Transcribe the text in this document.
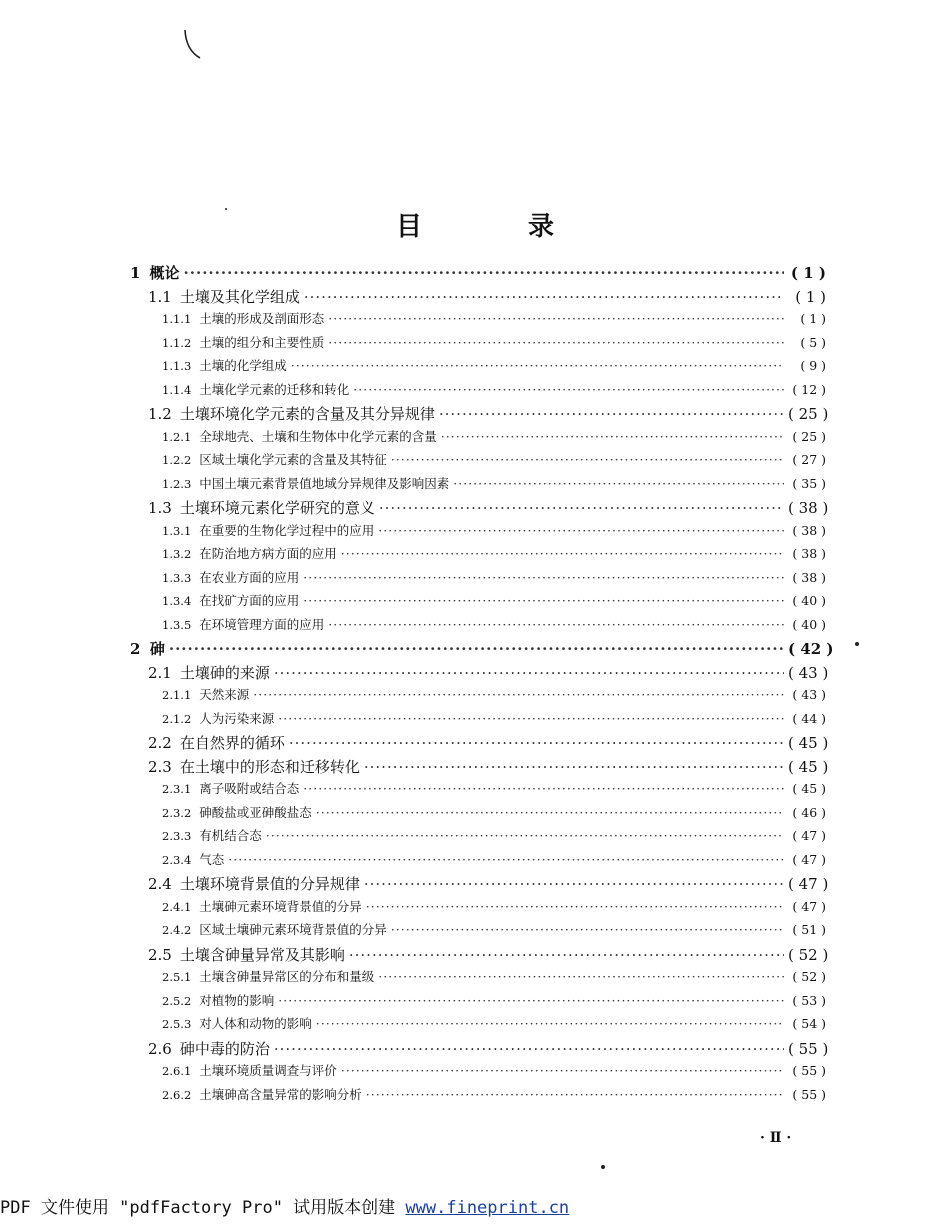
目　录
1 概论 ·····	( 1 )
1.1 土壤及其化学组成 ·····	( 1 )
1.1.1 土壤的形成及剖面形态 ·····	( 1 )
1.1.2 土壤的组分和主要性质 ·····	( 5 )
1.1.3 土壤的化学组成 ·····	( 9 )
1.1.4 土壤化学元素的迁移和转化 ·····	( 12 )
1.2 土壤环境化学元素的含量及其分异规律 ·····	( 25 )
1.2.1 全球地壳、土壤和生物体中化学元素的含量 ·····	( 25 )
1.2.2 区域土壤化学元素的含量及其特征 ·····	( 27 )
1.2.3 中国土壤元素背景值地域分异规律及影响因素 ·····	( 35 )
1.3 土壤环境元素化学研究的意义 ·····	( 38 )
1.3.1 在重要的生物化学过程中的应用 ·····	( 38 )
1.3.2 在防治地方病方面的应用 ·····	( 38 )
1.3.3 在农业方面的应用 ·····	( 38 )
1.3.4 在找矿方面的应用 ·····	( 40 )
1.3.5 在环境管理方面的应用 ·····	( 40 )
2 砷 ·····	( 42 )
2.1 土壤砷的来源 ·····	( 43 )
2.1.1 天然来源 ·····	( 43 )
2.1.2 人为污染来源 ·····	( 44 )
2.2 在自然界的循环 ·····	( 45 )
2.3 在土壤中的形态和迁移转化 ·····	( 45 )
2.3.1 离子吸附或结合态 ·····	( 45 )
2.3.2 砷酸盐或亚砷酸盐态 ·····	( 46 )
2.3.3 有机结合态 ·····	( 47 )
2.3.4 气态 ·····	( 47 )
2.4 土壤环境背景值的分异规律 ·····	( 47 )
2.4.1 土壤砷元素环境背景值的分异 ·····	( 47 )
2.4.2 区域土壤砷元素环境背景值的分异 ·····	( 51 )
2.5 土壤含砷量异常及其影响 ·····	( 52 )
2.5.1 土壤含砷量异常区的分布和量级 ·····	( 52 )
2.5.2 对植物的影响 ·····	( 53 )
2.5.3 对人体和动物的影响 ·····	( 54 )
2.6 砷中毒的防治 ·····	( 55 )
2.6.1 土壤环境质量调查与评价 ·····	( 55 )
2.6.2 土壤砷高含量异常的影响分析 ·····	( 55 )
· Ⅱ ·
PDF 文件使用 "pdfFactory Pro" 试用版本创建 www.fineprint.cn
